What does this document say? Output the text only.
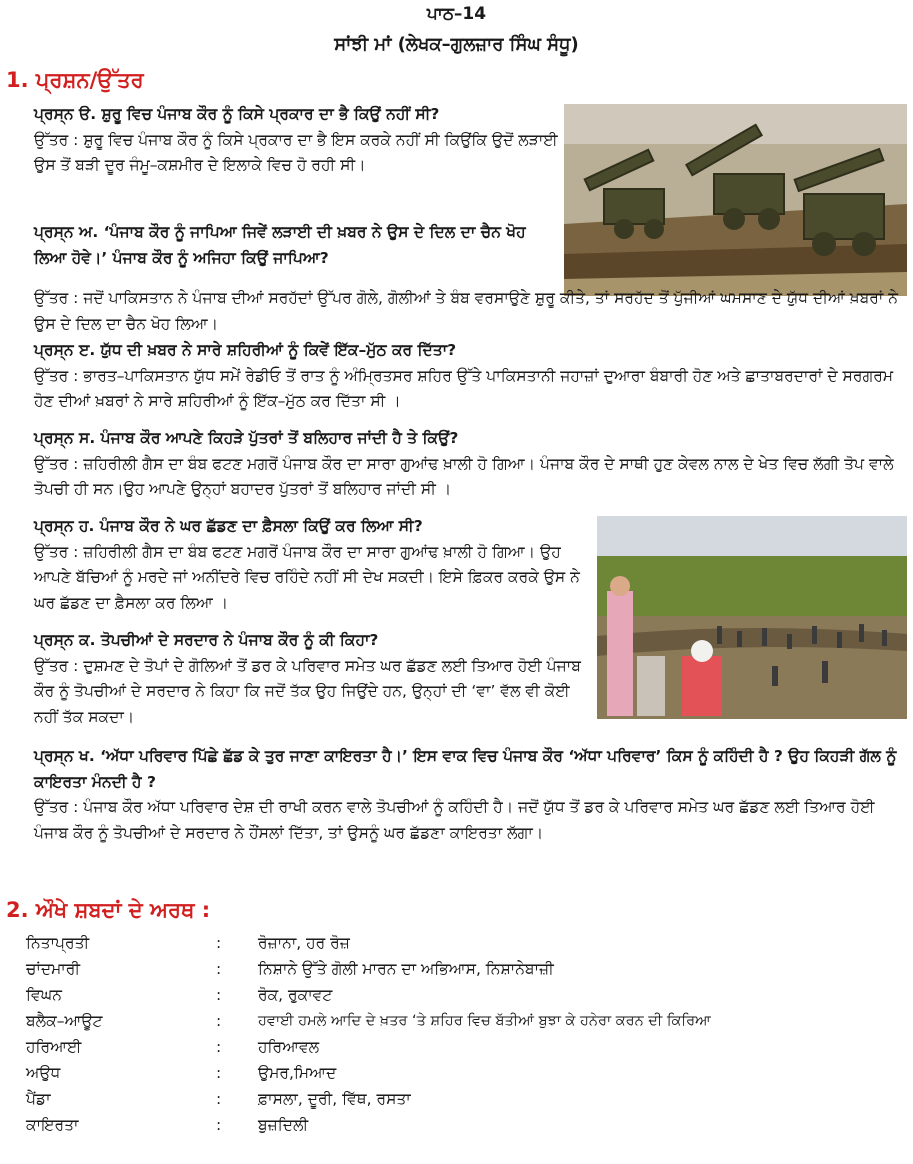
ਪਾਠ–14
ਸਾਂਝੀ ਮਾਂ (ਲੇਖਕ–ਗੁਲਜ਼ਾਰ ਸਿੰਘ ਸੰਧੂ)
1. ਪ੍ਰਸ਼ਨ/ਉੱਤਰ
ਪ੍ਰਸ੍ਨ ੳ. ਸ਼ੁਰੂ ਵਿਚ ਪੰਜਾਬ ਕੌਰ ਨੂੰ ਕਿਸੇ ਪ੍ਰਕਾਰ ਦਾ ਭੈ ਕਿਉਂ ਨਹੀਂ ਸੀ?
ਉੱਤਰ : ਸ਼ੁਰੂ ਵਿਚ ਪੰਜਾਬ ਕੌਰ ਨੂੰ ਕਿਸੇ ਪ੍ਰਕਾਰ ਦਾ ਭੈ ਇਸ ਕਰਕੇ ਨਹੀਂ ਸੀ ਕਿਉਂਕਿ ਉਦੋਂ ਲੜਾਈ ਉਸ ਤੋਂ ਬੜੀ ਦੂਰ ਜੰਮੂ–ਕਸ਼ਮੀਰ ਦੇ ਇਲਾਕੇ ਵਿਚ ਹੋ ਰਹੀ ਸੀ।
ਪ੍ਰਸ੍ਨ ਅ. ‘ਪੰਜਾਬ ਕੌਰ ਨੂੰ ਜਾਪਿਆ ਜਿਵੇਂ ਲੜਾਈ ਦੀ ਖ਼ਬਰ ਨੇ ਉਸ ਦੇ ਦਿਲ ਦਾ ਚੈਨ ਖੋਹ ਲਿਆ ਹੋਵੇ।’ ਪੰਜਾਬ ਕੌਰ ਨੂੰ ਅਜਿਹਾ ਕਿਉਂ ਜਾਪਿਆ?
ਉੱਤਰ : ਜਦੋਂ ਪਾਕਿਸਤਾਨ ਨੇ ਪੰਜਾਬ ਦੀਆਂ ਸਰਹੱਦਾਂ ਉੱਪਰ ਗੋਲੇ, ਗੋਲੀਆਂ ਤੇ ਬੰਬ ਵਰਸਾਉਣੇ ਸ਼ੁਰੂ ਕੀਤੇ, ਤਾਂ ਸਰਹੱਦ ਤੋਂ ਪੁੱਜੀਆਂ ਘਮਸਾਣ ਦੇ ਯੁੱਧ ਦੀਆਂ ਖ਼ਬਰਾਂ ਨੇ ਉਸ ਦੇ ਦਿਲ ਦਾ ਚੈਨ ਖੋਹ ਲਿਆ।
ਪ੍ਰਸ੍ਨ ੲ. ਯੁੱਧ ਦੀ ਖ਼ਬਰ ਨੇ ਸਾਰੇ ਸ਼ਹਿਰੀਆਂ ਨੂੰ ਕਿਵੇਂ ਇੱਕ–ਮੁੱਠ ਕਰ ਦਿੱਤਾ?
ਉੱਤਰ : ਭਾਰਤ–ਪਾਕਿਸਤਾਨ ਯੁੱਧ ਸਮੇਂ ਰੇਡੀਓ ਤੋਂ ਰਾਤ ਨੂੰ ਅੰਮ੍ਰਿਤਸਰ ਸ਼ਹਿਰ ਉੱਤੇ ਪਾਕਿਸਤਾਨੀ ਜਹਾਜ਼ਾਂ ਦੁਆਰਾ ਬੰਬਾਰੀ ਹੋਣ ਅਤੇ ਛਾਤਾਬਰਦਾਰਾਂ ਦੇ ਸਰਗਰਮ ਹੋਣ ਦੀਆਂ ਖ਼ਬਰਾਂ ਨੇ ਸਾਰੇ ਸ਼ਹਿਰੀਆਂ ਨੂੰ ਇੱਕ–ਮੁੱਠ ਕਰ ਦਿੱਤਾ ਸੀ ।
ਪ੍ਰਸ੍ਨ ਸ. ਪੰਜਾਬ ਕੌਰ ਆਪਣੇ ਕਿਹੜੇ ਪੁੱਤਰਾਂ ਤੋਂ ਬਲਿਹਾਰ ਜਾਂਦੀ ਹੈ ਤੇ ਕਿਉਂ?
ਉੱਤਰ : ਜ਼ਹਿਰੀਲੀ ਗੈਸ ਦਾ ਬੰਬ ਫਟਣ ਮਗਰੋਂ ਪੰਜਾਬ ਕੌਰ ਦਾ ਸਾਰਾ ਗੁਆਂਢ ਖ਼ਾਲੀ ਹੋ ਗਿਆ। ਪੰਜਾਬ ਕੌਰ ਦੇ ਸਾਥੀ ਹੁਣ ਕੇਵਲ ਨਾਲ ਦੇ ਖੇਤ ਵਿਚ ਲੱਗੀ ਤੋਪ ਵਾਲੇ ਤੋਪਚੀ ਹੀ ਸਨ।ਉਹ ਆਪਣੇ ਉਨ੍ਹਾਂ ਬਹਾਦਰ ਪੁੱਤਰਾਂ ਤੋਂ ਬਲਿਹਾਰ ਜਾਂਦੀ ਸੀ ।
ਪ੍ਰਸ੍ਨ ਹ. ਪੰਜਾਬ ਕੌਰ ਨੇ ਘਰ ਛੱਡਣ ਦਾ ਫ਼ੈਸਲਾ ਕਿਉਂ ਕਰ ਲਿਆ ਸੀ?
ਉੱਤਰ : ਜ਼ਹਿਰੀਲੀ ਗੈਸ ਦਾ ਬੰਬ ਫਟਣ ਮਗਰੋਂ ਪੰਜਾਬ ਕੌਰ ਦਾ ਸਾਰਾ ਗੁਆਂਢ ਖ਼ਾਲੀ ਹੋ ਗਿਆ। ਉਹ ਆਪਣੇ ਬੱਚਿਆਂ ਨੂੰ ਮਰਦੇ ਜਾਂ ਅਨੀਂਦਰੇ ਵਿਚ ਰਹਿੰਦੇ ਨਹੀਂ ਸੀ ਦੇਖ ਸਕਦੀ। ਇਸੇ ਫ਼ਿਕਰ ਕਰਕੇ ਉਸ ਨੇ ਘਰ ਛੱਡਣ ਦਾ ਫ਼ੈਸਲਾ ਕਰ ਲਿਆ ।
ਪ੍ਰਸ੍ਨ ਕ. ਤੋਪਚੀਆਂ ਦੇ ਸਰਦਾਰ ਨੇ ਪੰਜਾਬ ਕੌਰ ਨੂੰ ਕੀ ਕਿਹਾ?
ਉੱਤਰ : ਦੁਸ਼ਮਣ ਦੇ ਤੋਪਾਂ ਦੇ ਗੋਲਿਆਂ ਤੋਂ ਡਰ ਕੇ ਪਰਿਵਾਰ ਸਮੇਤ ਘਰ ਛੱਡਣ ਲਈ ਤਿਆਰ ਹੋਈ ਪੰਜਾਬ ਕੌਰ ਨੂੰ ਤੋਪਚੀਆਂ ਦੇ ਸਰਦਾਰ ਨੇ ਕਿਹਾ ਕਿ ਜਦੋਂ ਤੱਕ ਉਹ ਜਿਉਂਦੇ ਹਨ, ਉਨ੍ਹਾਂ ਦੀ ‘ਵਾ’ ਵੱਲ ਵੀ ਕੋਈ ਨਹੀਂ ਤੱਕ ਸਕਦਾ।
ਪ੍ਰਸ੍ਨ ਖ. ‘ਅੱਧਾ ਪਰਿਵਾਰ ਪਿੱਛੇ ਛੱਡ ਕੇ ਤੁਰ ਜਾਣਾ ਕਾਇਰਤਾ ਹੈ।’ ਇਸ ਵਾਕ ਵਿਚ ਪੰਜਾਬ ਕੌਰ ‘ਅੱਧਾ ਪਰਿਵਾਰ’ ਕਿਸ ਨੂੰ ਕਹਿੰਦੀ ਹੈ ? ਉਹ ਕਿਹੜੀ ਗੱਲ ਨੂੰ ਕਾਇਰਤਾ ਮੰਨਦੀ ਹੈ ?
ਉੱਤਰ : ਪੰਜਾਬ ਕੌਰ ਅੱਧਾ ਪਰਿਵਾਰ ਦੇਸ਼ ਦੀ ਰਾਖੀ ਕਰਨ ਵਾਲੇ ਤੋਪਚੀਆਂ ਨੂੰ ਕਹਿੰਦੀ ਹੈ। ਜਦੋਂ ਯੁੱਧ ਤੋਂ ਡਰ ਕੇ ਪਰਿਵਾਰ ਸਮੇਤ ਘਰ ਛੱਡਣ ਲਈ ਤਿਆਰ ਹੋਈ ਪੰਜਾਬ ਕੌਰ ਨੂੰ ਤੋਪਚੀਆਂ ਦੇ ਸਰਦਾਰ ਨੇ ਹੌਂਸਲਾਂ ਦਿੱਤਾ, ਤਾਂ ਉਸਨੂੰ ਘਰ ਛੱਡਣਾ ਕਾਇਰਤਾ ਲੱਗਾ।
2. ਔਖੇ ਸ਼ਬਦਾਂ ਦੇ ਅਰਥ :
ਨਿਤਾਪ੍ਰਤੀ	: ਰੋਜ਼ਾਨਾ, ਹਰ ਰੋਜ਼
ਚਾਂਦਮਾਰੀ	: ਨਿਸ਼ਾਨੇ ਉੱਤੇ ਗੋਲੀ ਮਾਰਨ ਦਾ ਅਭਿਆਸ, ਨਿਸ਼ਾਨੇਬਾਜ਼ੀ
ਵਿਘਨ	: ਰੋਕ, ਰੁਕਾਵਟ
ਬਲੈਕ–ਆਊਟ	:	ਹਵਾਈ ਹਮਲੇ ਆਦਿ ਦੇ ਖ਼ਤਰ ‘ਤੇ ਸ਼ਹਿਰ ਵਿਚ ਬੱਤੀਆਂ ਬੁਝਾ ਕੇ ਹਨੇਰਾ ਕਰਨ ਦੀ ਕਿਰਿਆ
ਹਰਿਆਈ	: ਹਰਿਆਵਲ
ਅਉਧ	: ਉਮਰ,ਮਿਆਦ
ਪੈਂਡਾ	: ਫ਼ਾਸਲਾ, ਦੂਰੀ, ਵਿੱਥ, ਰਸਤਾ
ਕਾਇਰਤਾ	: ਬੁਜ਼ਦਿਲੀ
